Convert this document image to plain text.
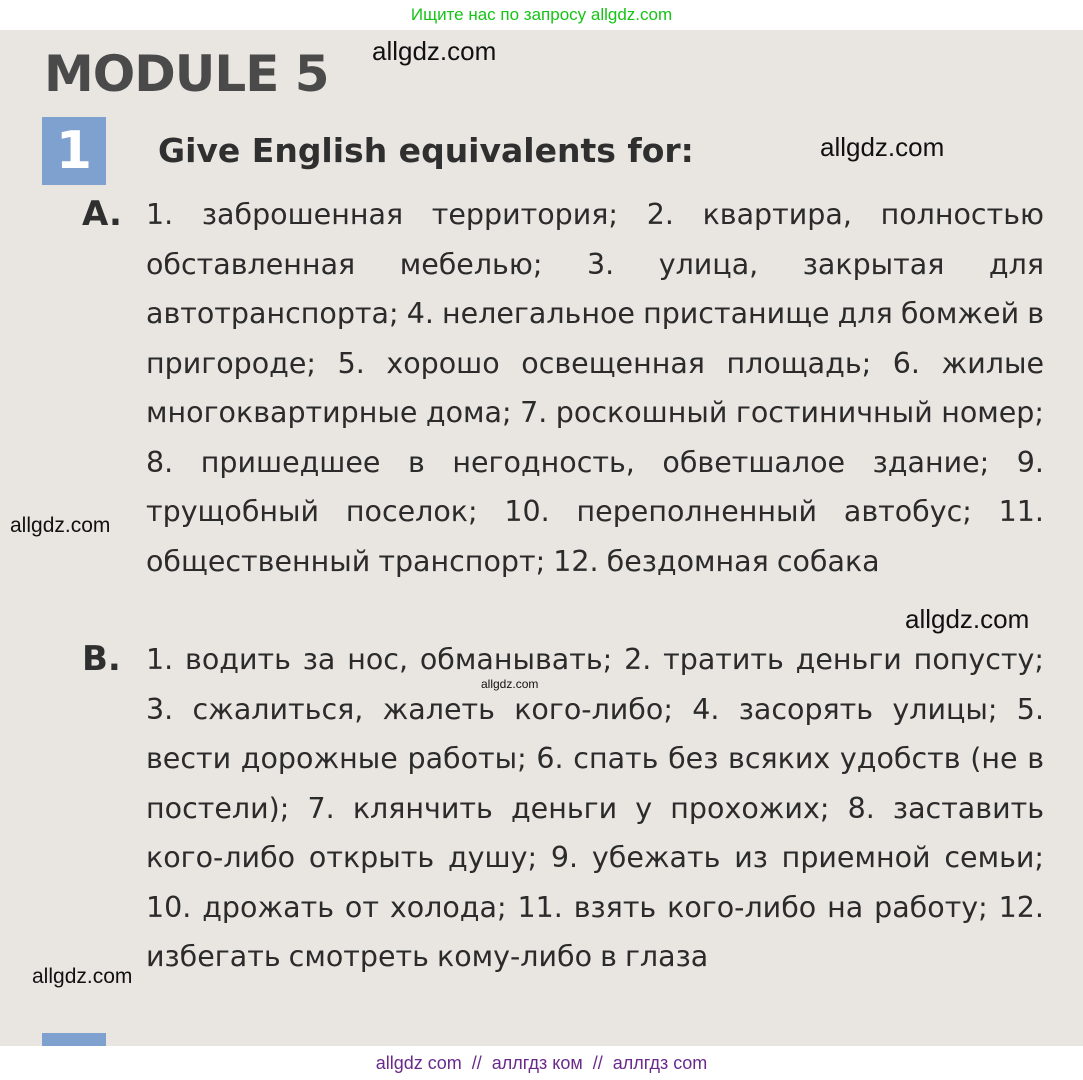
Ищите нас по запросу allgdz.com
MODULE 5
1	Give English equivalents for:
A. 1. заброшенная территория; 2. квартира, полностью обставленная мебелью; 3. улица, закрытая для автотранспорта; 4. нелегальное пристанище для бомжей в пригороде; 5. хорошо освещенная площадь; 6. жилые многоквартирные дома; 7. роскошный гостиничный номер; 8. пришедшее в негодность, обветшалое здание; 9. трущобный поселок; 10. переполненный автобус; 11. общественный транспорт; 12. бездомная собака
B. 1. водить за нос, обманывать; 2. тратить деньги попусту; 3. сжалиться, жалеть кого-либо; 4. засорять улицы; 5. вести дорожные работы; 6. спать без всяких удобств (не в постели); 7. клянчить деньги у прохожих; 8. заставить кого-либо открыть душу; 9. убежать из приемной семьи; 10. дрожать от холода; 11. взять кого-либо на работу; 12. избегать смотреть кому-либо в глаза
allgdz.com
allgdz.com
allgdz.com
allgdz.com
allgdz.com
allgdz.com
allgdz com  //  аллгдз ком  //  аллгдз com
